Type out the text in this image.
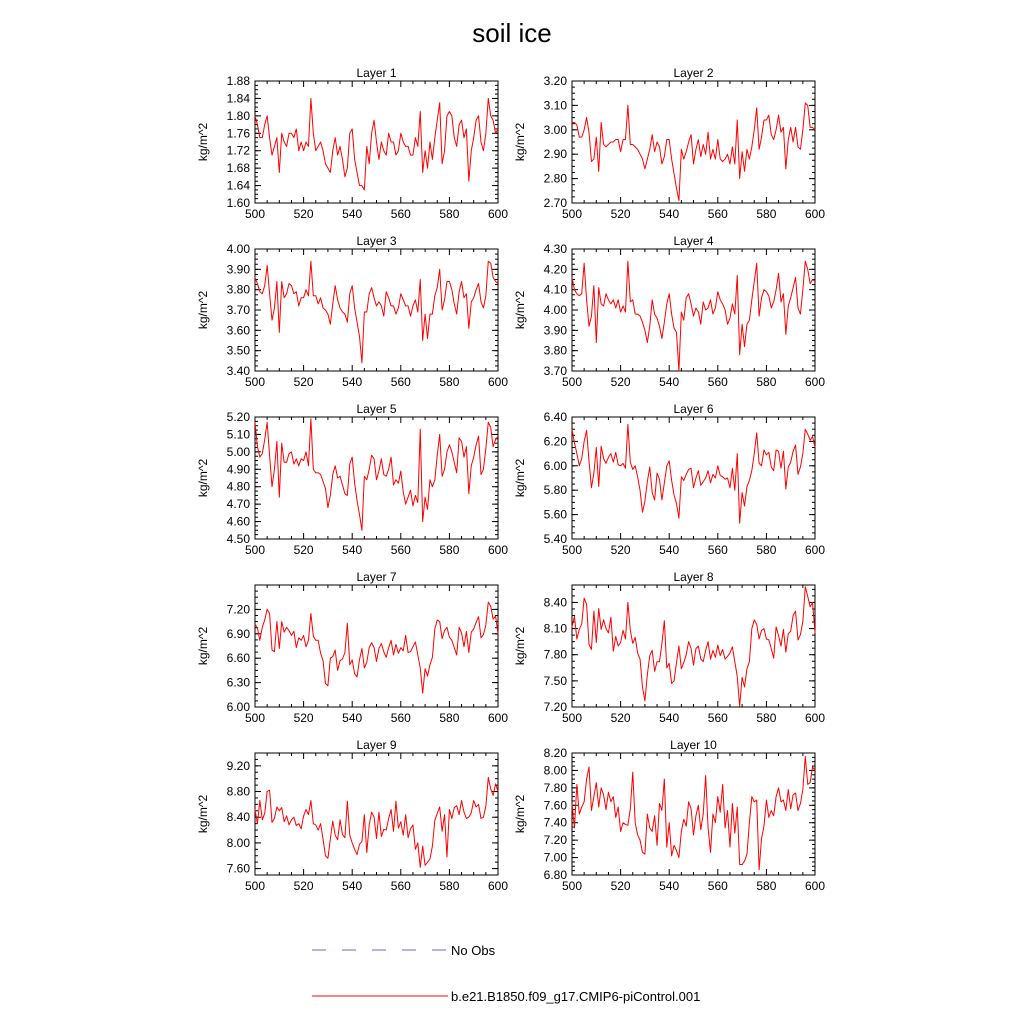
soil ice
Layer 1
500 520 540 560 580 600
1.60
1.64
1.68
1.72
1.76
1.80
1.84
1.88
kg/m^2
Layer 2
500 520 540 560 580 600
2.70
2.80
2.90
3.00
3.10
3.20
kg/m^2
Layer 3
500 520 540 560 580 600
3.40
3.50
3.60
3.70
3.80
3.90
4.00
kg/m^2
Layer 4
500 520 540 560 580 600
3.70
3.80
3.90
4.00
4.10
4.20
4.30
kg/m^2
Layer 5
500 520 540 560 580 600
4.50
4.60
4.70
4.80
4.90
5.00
5.10
5.20
kg/m^2
Layer 6
500 520 540 560 580 600
5.40
5.60
5.80
6.00
6.20
6.40
kg/m^2
Layer 7
500 520 540 560 580 600
6.00
6.30
6.60
6.90
7.20
kg/m^2
Layer 8
500 520 540 560 580 600
7.20
7.50
7.80
8.10
8.40
kg/m^2
Layer 9
500 520 540 560 580 600
7.60
8.00
8.40
8.80
9.20
kg/m^2
Layer 10
500 520 540 560 580 600
6.80
7.00
7.20
7.40
7.60
7.80
8.00
8.20
kg/m^2
No Obs
b.e21.B1850.f09_g17.CMIP6-piControl.001
